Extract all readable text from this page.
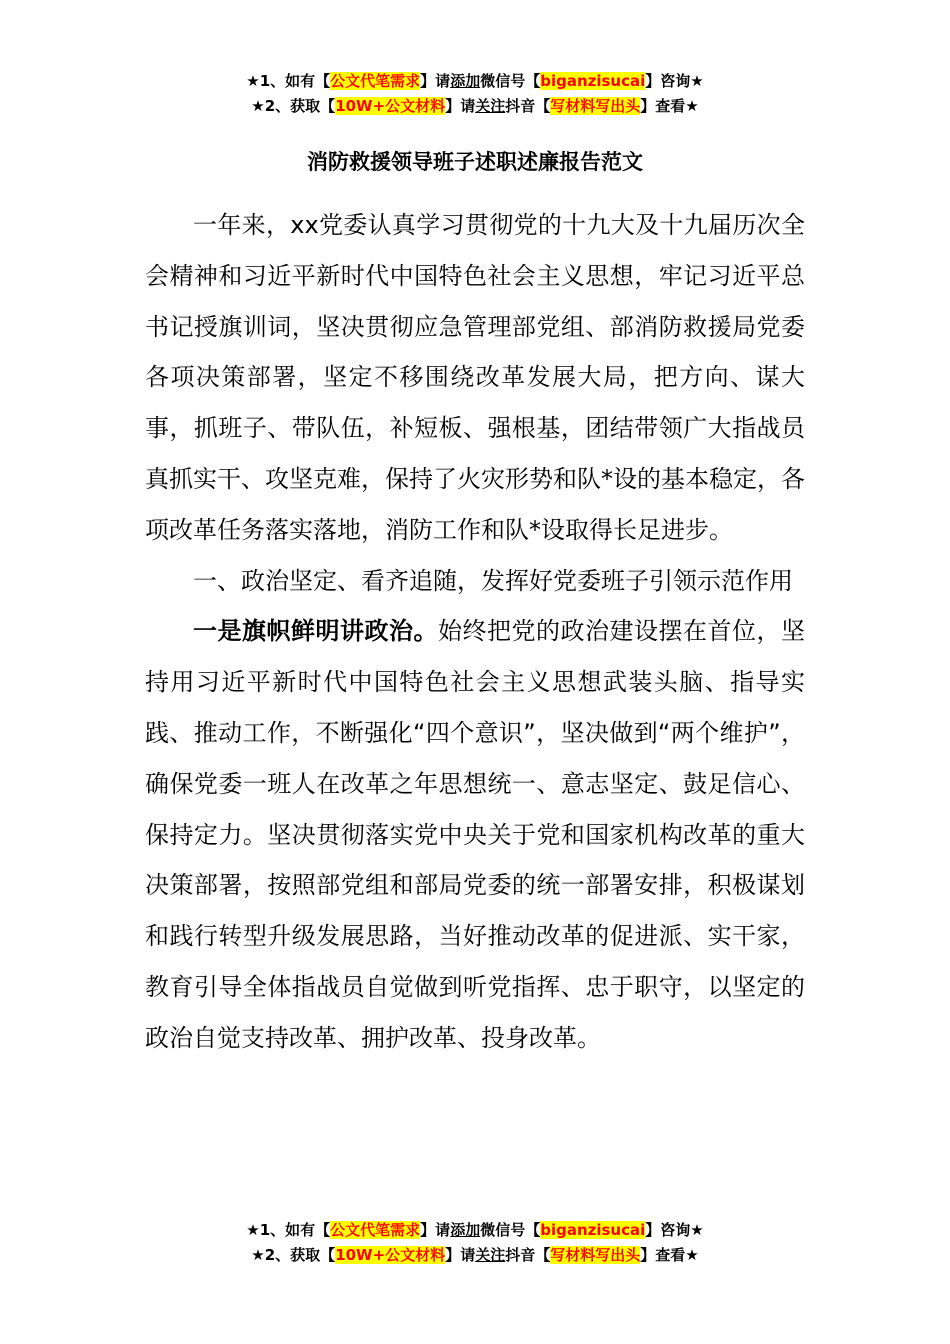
★1、如有【公文代笔需求】请添加微信号【biganzisucai】咨询★
★2、获取【10W+公文材料】请关注抖音【写材料写出头】查看★
消防救援领导班子述职述廉报告范文

一年来，xx党委认真学习贯彻党的十九大及十九届历次全会精神和习近平新时代中国特色社会主义思想，牢记习近平总书记授旗训词，坚决贯彻应急管理部党组、部消防救援局党委各项决策部署，坚定不移围绕改革发展大局，把方向、谋大事，抓班子、带队伍，补短板、强根基，团结带领广大指战员真抓实干、攻坚克难，保持了火灾形势和队*设的基本稳定，各项改革任务落实落地，消防工作和队*设取得长足进步。

一、政治坚定、看齐追随，发挥好党委班子引领示范作用

一是旗帜鲜明讲政治。始终把党的政治建设摆在首位，坚持用习近平新时代中国特色社会主义思想武装头脑、指导实践、推动工作，不断强化“四个意识”，坚决做到“两个维护”，确保党委一班人在改革之年思想统一、意志坚定、鼓足信心、保持定力。坚决贯彻落实党中央关于党和国家机构改革的重大决策部署，按照部党组和部局党委的统一部署安排，积极谋划和践行转型升级发展思路，当好推动改革的促进派、实干家，教育引导全体指战员自觉做到听党指挥、忠于职守，以坚定的政治自觉支持改革、拥护改革、投身改革。

★1、如有【公文代笔需求】请添加微信号【biganzisucai】咨询★
★2、获取【10W+公文材料】请关注抖音【写材料写出头】查看★
